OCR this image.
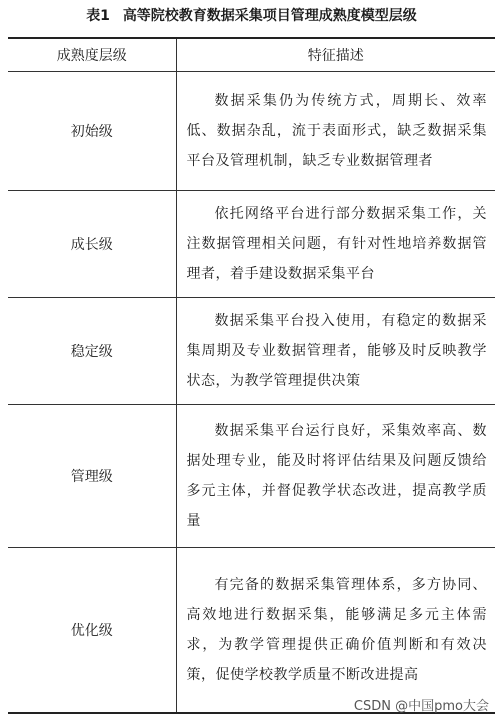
表1 高等院校教育数据采集项目管理成熟度模型层级
成熟度层级	特征描述
初始级	数据采集仍为传统方式，周期长、效率低、数据杂乱，流于表面形式，缺乏数据采集平台及管理机制，缺乏专业数据管理者
成长级	依托网络平台进行部分数据采集工作，关注数据管理相关问题，有针对性地培养数据管理者，着手建设数据采集平台
稳定级	数据采集平台投入使用，有稳定的数据采集周期及专业数据管理者，能够及时反映教学状态，为教学管理提供决策
管理级	数据采集平台运行良好，采集效率高、数据处理专业，能及时将评估结果及问题反馈给多元主体，并督促教学状态改进，提高教学质量
优化级	有完备的数据采集管理体系，多方协同、高效地进行数据采集，能够满足多元主体需求，为教学管理提供正确价值判断和有效决策，促使学校教学质量不断改进提高
CSDN @中国pmo大会
